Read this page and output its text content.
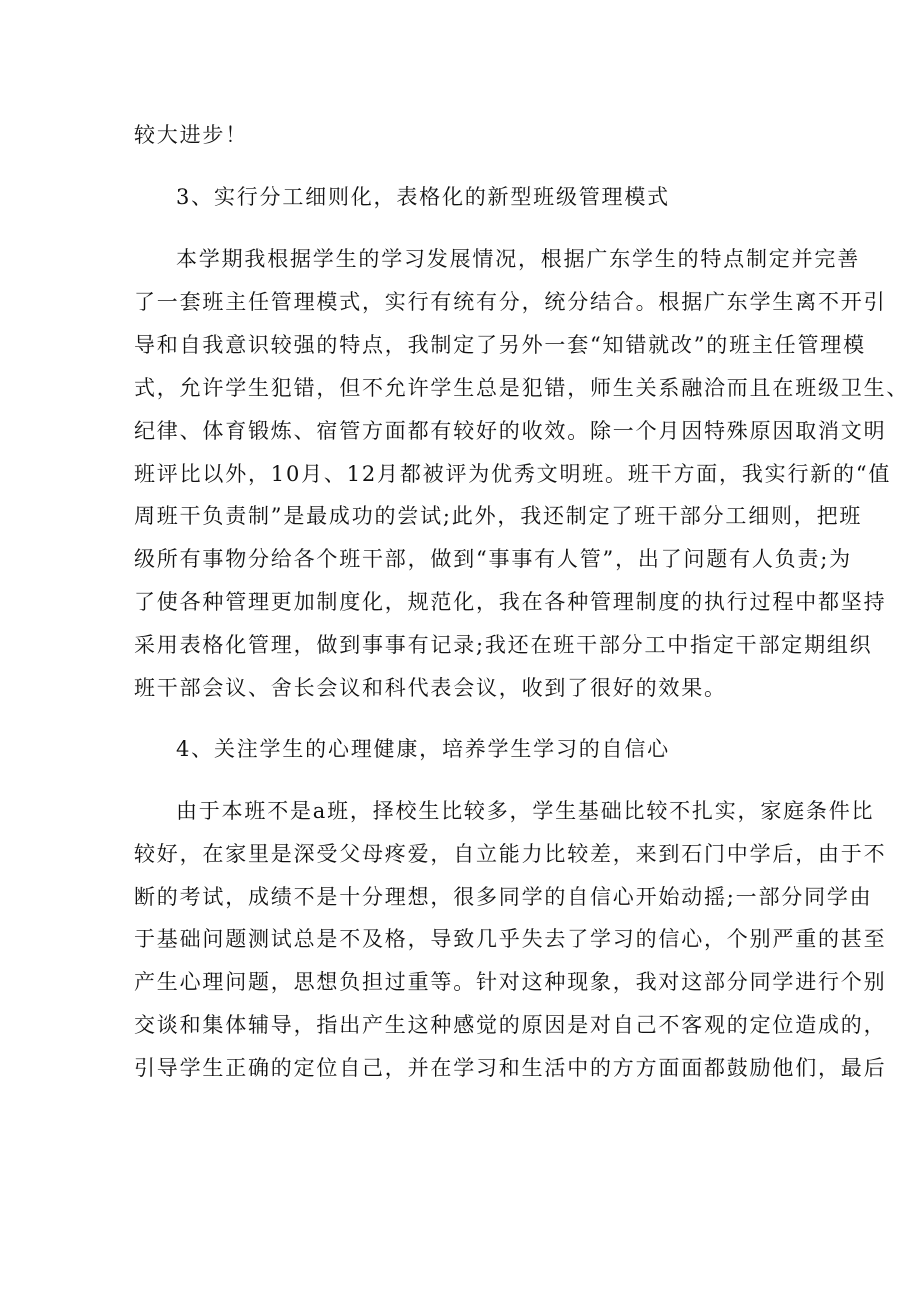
较大进步！
3、实行分工细则化，表格化的新型班级管理模式
本学期我根据学生的学习发展情况，根据广东学生的特点制定并完善
了一套班主任管理模式，实行有统有分，统分结合。根据广东学生离不开引
导和自我意识较强的特点，我制定了另外一套“知错就改”的班主任管理模
式，允许学生犯错，但不允许学生总是犯错，师生关系融洽而且在班级卫生、
纪律、体育锻炼、宿管方面都有较好的收效。除一个月因特殊原因取消文明
班评比以外，10月、12月都被评为优秀文明班。班干方面，我实行新的“值
周班干负责制”是最成功的尝试;此外，我还制定了班干部分工细则，把班
级所有事物分给各个班干部，做到“事事有人管”，出了问题有人负责;为
了使各种管理更加制度化，规范化，我在各种管理制度的执行过程中都坚持
采用表格化管理，做到事事有记录;我还在班干部分工中指定干部定期组织
班干部会议、舍长会议和科代表会议，收到了很好的效果。
4、关注学生的心理健康，培养学生学习的自信心
由于本班不是a班，择校生比较多，学生基础比较不扎实，家庭条件比
较好，在家里是深受父母疼爱，自立能力比较差，来到石门中学后，由于不
断的考试，成绩不是十分理想，很多同学的自信心开始动摇;一部分同学由
于基础问题测试总是不及格，导致几乎失去了学习的信心，个别严重的甚至
产生心理问题，思想负担过重等。针对这种现象，我对这部分同学进行个别
交谈和集体辅导，指出产生这种感觉的原因是对自己不客观的定位造成的，
引导学生正确的定位自己，并在学习和生活中的方方面面都鼓励他们，最后
